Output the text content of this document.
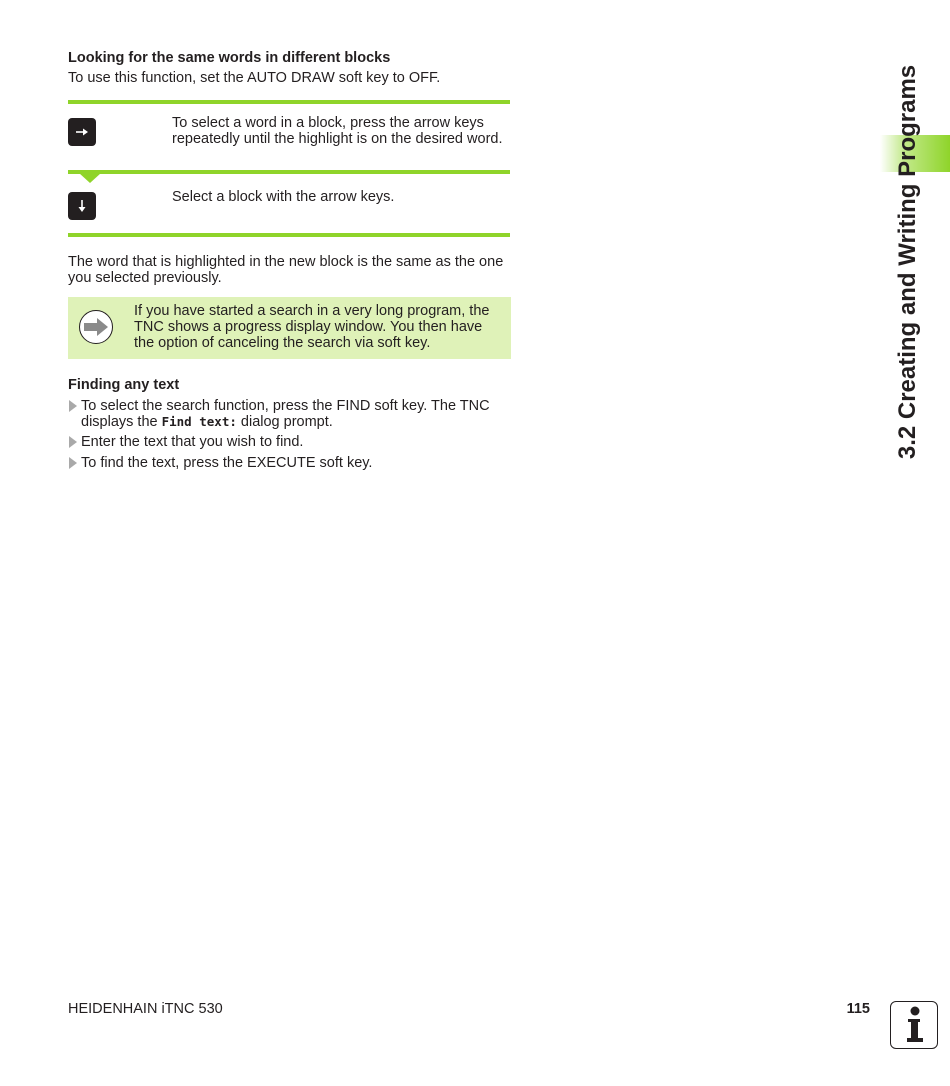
Looking for the same words in different blocks
To use this function, set the AUTO DRAW soft key to OFF.
To select a word in a block, press the arrow keys repeatedly until the highlight is on the desired word.
Select a block with the arrow keys.
The word that is highlighted in the new block is the same as the one you selected previously.
If you have started a search in a very long program, the TNC shows a progress display window. You then have the option of canceling the search via soft key.
Finding any text
To select the search function, press the FIND soft key. The TNC displays the Find text: dialog prompt.
Enter the text that you wish to find.
To find the text, press the EXECUTE soft key.
3.2 Creating and Writing Programs
HEIDENHAIN iTNC 530	115
